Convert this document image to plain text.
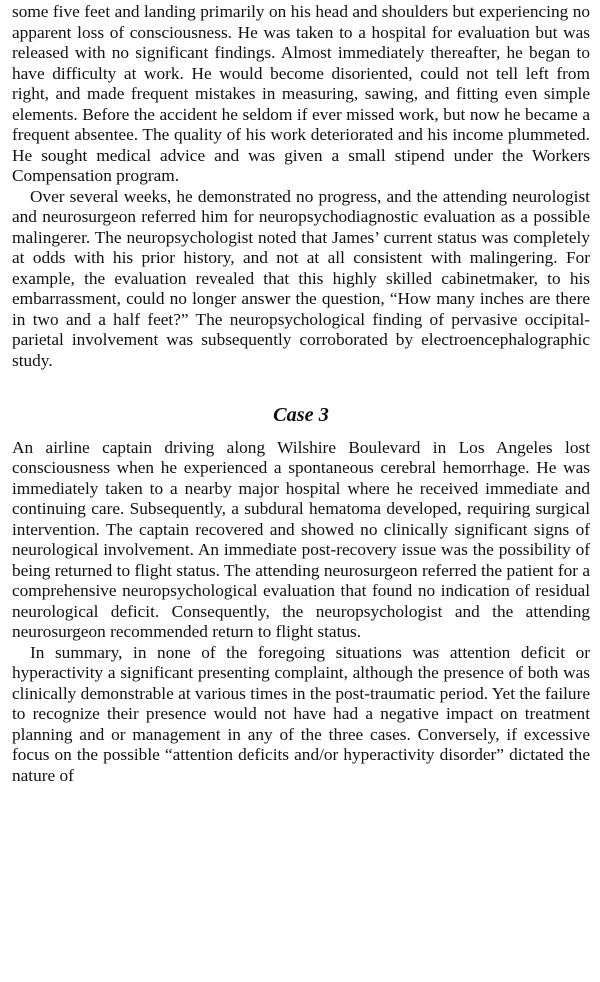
some five feet and landing primarily on his head and shoulders but experiencing no apparent loss of consciousness. He was taken to a hospital for evaluation but was released with no significant findings. Almost immediately thereafter, he began to have difficulty at work. He would become disoriented, could not tell left from right, and made frequent mistakes in measuring, sawing, and fitting even simple elements. Before the accident he seldom if ever missed work, but now he became a frequent absentee. The quality of his work deteriorated and his income plummeted. He sought medical advice and was given a small stipend under the Workers Compensation program.

Over several weeks, he demonstrated no progress, and the attending neurologist and neurosurgeon referred him for neuropsychodiagnostic evaluation as a possible malingerer. The neuropsychologist noted that James’ current status was completely at odds with his prior history, and not at all consistent with malingering. For example, the evaluation revealed that this highly skilled cabinetmaker, to his embarrassment, could no longer answer the question, “How many inches are there in two and a half feet?” The neuropsychological finding of pervasive occipital-parietal involvement was subsequently corroborated by electroencephalographic study.

Case 3

An airline captain driving along Wilshire Boulevard in Los Angeles lost consciousness when he experienced a spontaneous cerebral hemorrhage. He was immediately taken to a nearby major hospital where he received immediate and continuing care. Subsequently, a subdural hematoma developed, requiring surgical intervention. The captain recovered and showed no clinically significant signs of neurological involvement. An immediate post-recovery issue was the possibility of being returned to flight status. The attending neurosurgeon referred the patient for a comprehensive neuropsychological evaluation that found no indication of residual neurological deficit. Consequently, the neuropsychologist and the attending neurosurgeon recommended return to flight status.

In summary, in none of the foregoing situations was attention deficit or hyperactivity a significant presenting complaint, although the presence of both was clinically demonstrable at various times in the post-traumatic period. Yet the failure to recognize their presence would not have had a negative impact on treatment planning and or management in any of the three cases. Conversely, if excessive focus on the possible “attention deficits and/or hyperactivity disorder” dictated the nature of
